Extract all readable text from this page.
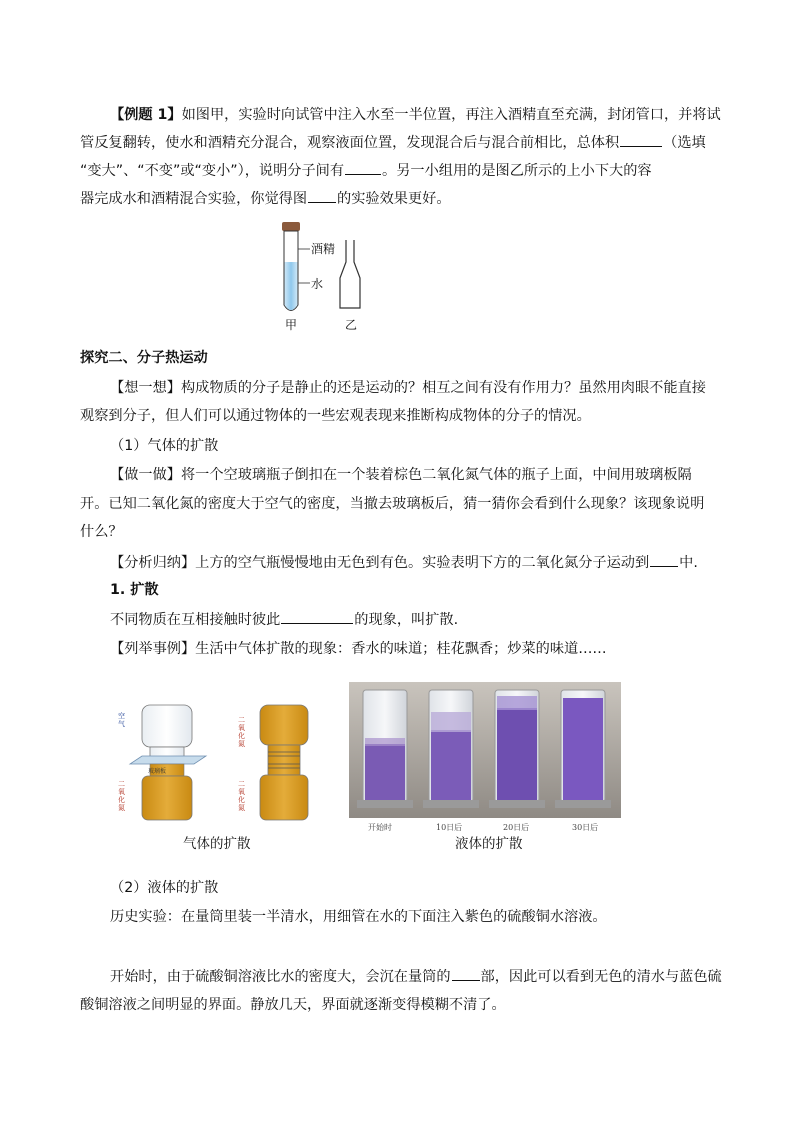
【例题 1】如图甲，实验时向试管中注入水至一半位置，再注入酒精直至充满，封闭管口，并将试
管反复翻转，使水和酒精充分混合，观察液面位置，发现混合后与混合前相比，总体积	（选填
“变大”、“不变”或“变小”），说明分子间有	。另一小组用的是图乙所示的上小下大的容
器完成水和酒精混合实验，你觉得图 的实验效果更好。
酒精
水
甲	乙
探究二、分子热运动
【想一想】构成物质的分子是静止的还是运动的？相互之间有没有作用力？虽然用肉眼不能直接
观察到分子，但人们可以通过物体的一些宏观表现来推断构成物体的分子的情况。
（1）气体的扩散
【做一做】将一个空玻璃瓶子倒扣在一个装着棕色二氧化氮气体的瓶子上面，中间用玻璃板隔
开。已知二氧化氮的密度大于空气的密度，当撤去玻璃板后，猜一猜你会看到什么现象？该现象说明
什么？
【分析归纳】上方的空气瓶慢慢地由无色到有色。实验表明下方的二氧化氮分子运动到 中.
1. 扩散
不同物质在互相接触时彼此	的现象，叫扩散.
【列举事例】生活中气体扩散的现象：香水的味道；桂花飘香；炒菜的味道……
空气
玻璃板
二氧化氮
二氧化氮
二氧化氮
气体的扩散
开始时	10日后	20日后	30日后
液体的扩散
（2）液体的扩散
历史实验：在量筒里装一半清水，用细管在水的下面注入紫色的硫酸铜水溶液。
开始时，由于硫酸铜溶液比水的密度大，会沉在量筒的 部，因此可以看到无色的清水与蓝色硫
酸铜溶液之间明显的界面。静放几天，界面就逐渐变得模糊不清了。
